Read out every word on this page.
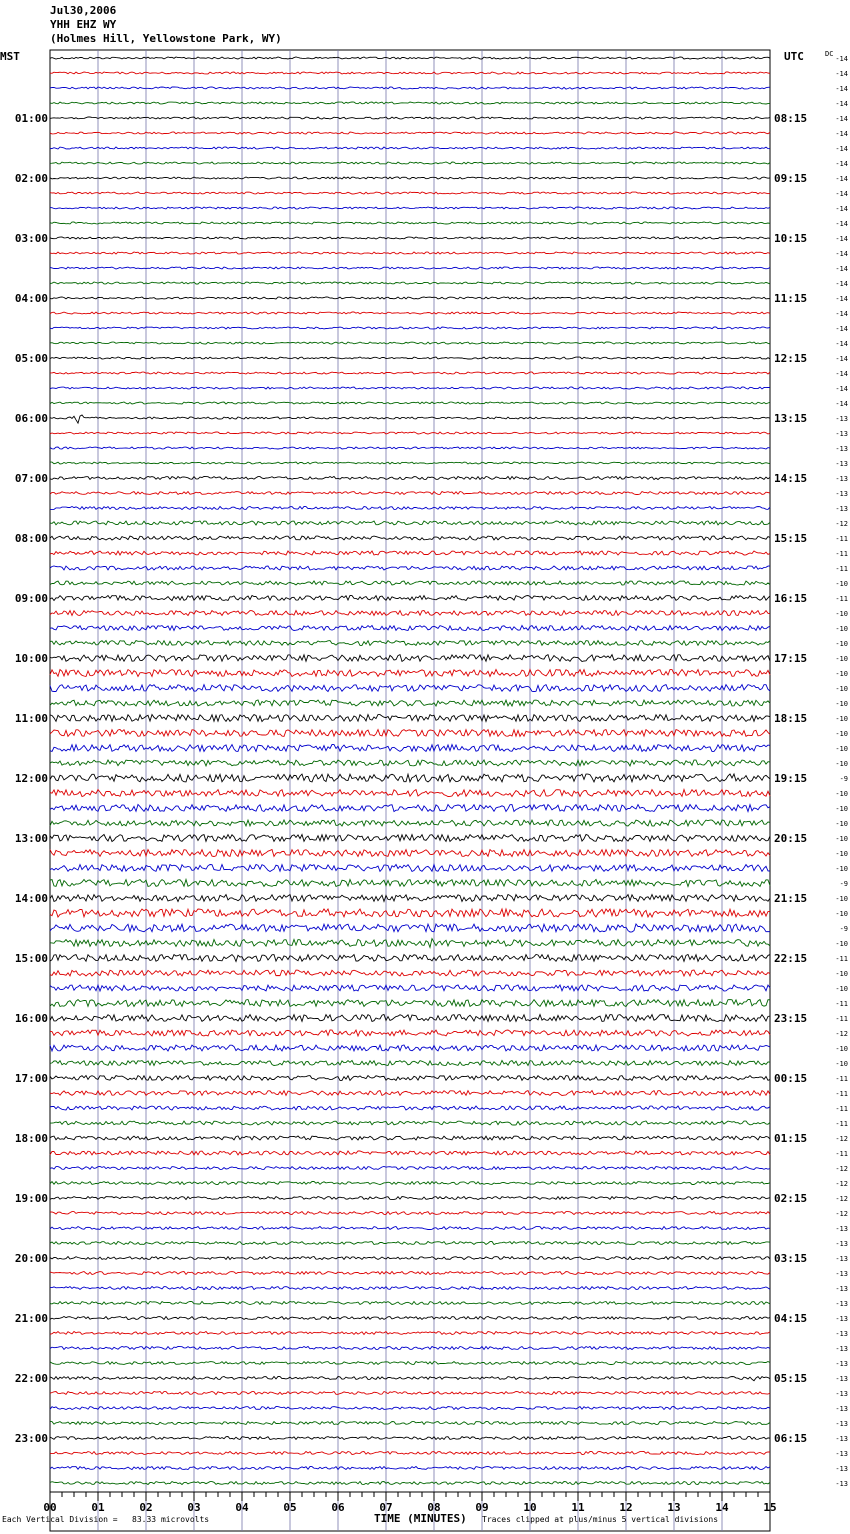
Jul30,2006
YHH EHZ WY
(Holmes Hill, Yellowstone Park, WY)
-14
-14
-14
-14
-14
-14
-14
-14
-14
-14
-14
-14
-14
-14
-14
-14
-14
-14
-14
-14
-14
-14
-14
-14
-13
-13
-13
-13
-13
-13
-13
-12
-11
-11
-11
-10
-11
-10
-10
-10
-10
-10
-10
-10
-10
-10
-10
-10
-9
-10
-10
-10
-10
-10
-10
-9
-10
-10
-9
-10
-11
-10
-10
-11
-11
-12
-10
-10
-11
-11
-11
-11
-12
-11
-12
-12
-12
-12
-13
-13
-13
-13
-13
-13
-13
-13
-13
-13
-13
-13
-13
-13
-13
-13
-13
-13
01:00
02:00
03:00
04:00
05:00
06:00
07:00
08:00
09:00
10:00
11:00
12:00
13:00
14:00
15:00
16:00
17:00
18:00
19:00
20:00
21:00
22:00
23:00
08:15
09:15
10:15
11:15
12:15
13:15
14:15
15:15
16:15
17:15
18:15
19:15
20:15
21:15
22:15
23:15
00:15
01:15
02:15
03:15
04:15
05:15
06:15
00	01	02	03	04	05	06	07	08	09	10	11	12	13	14	15
MST	UTC	DC
Each Vertical Division =   83.33 microvolts	TIME (MINUTES) Traces clipped at plus/minus 5 vertical divisions
